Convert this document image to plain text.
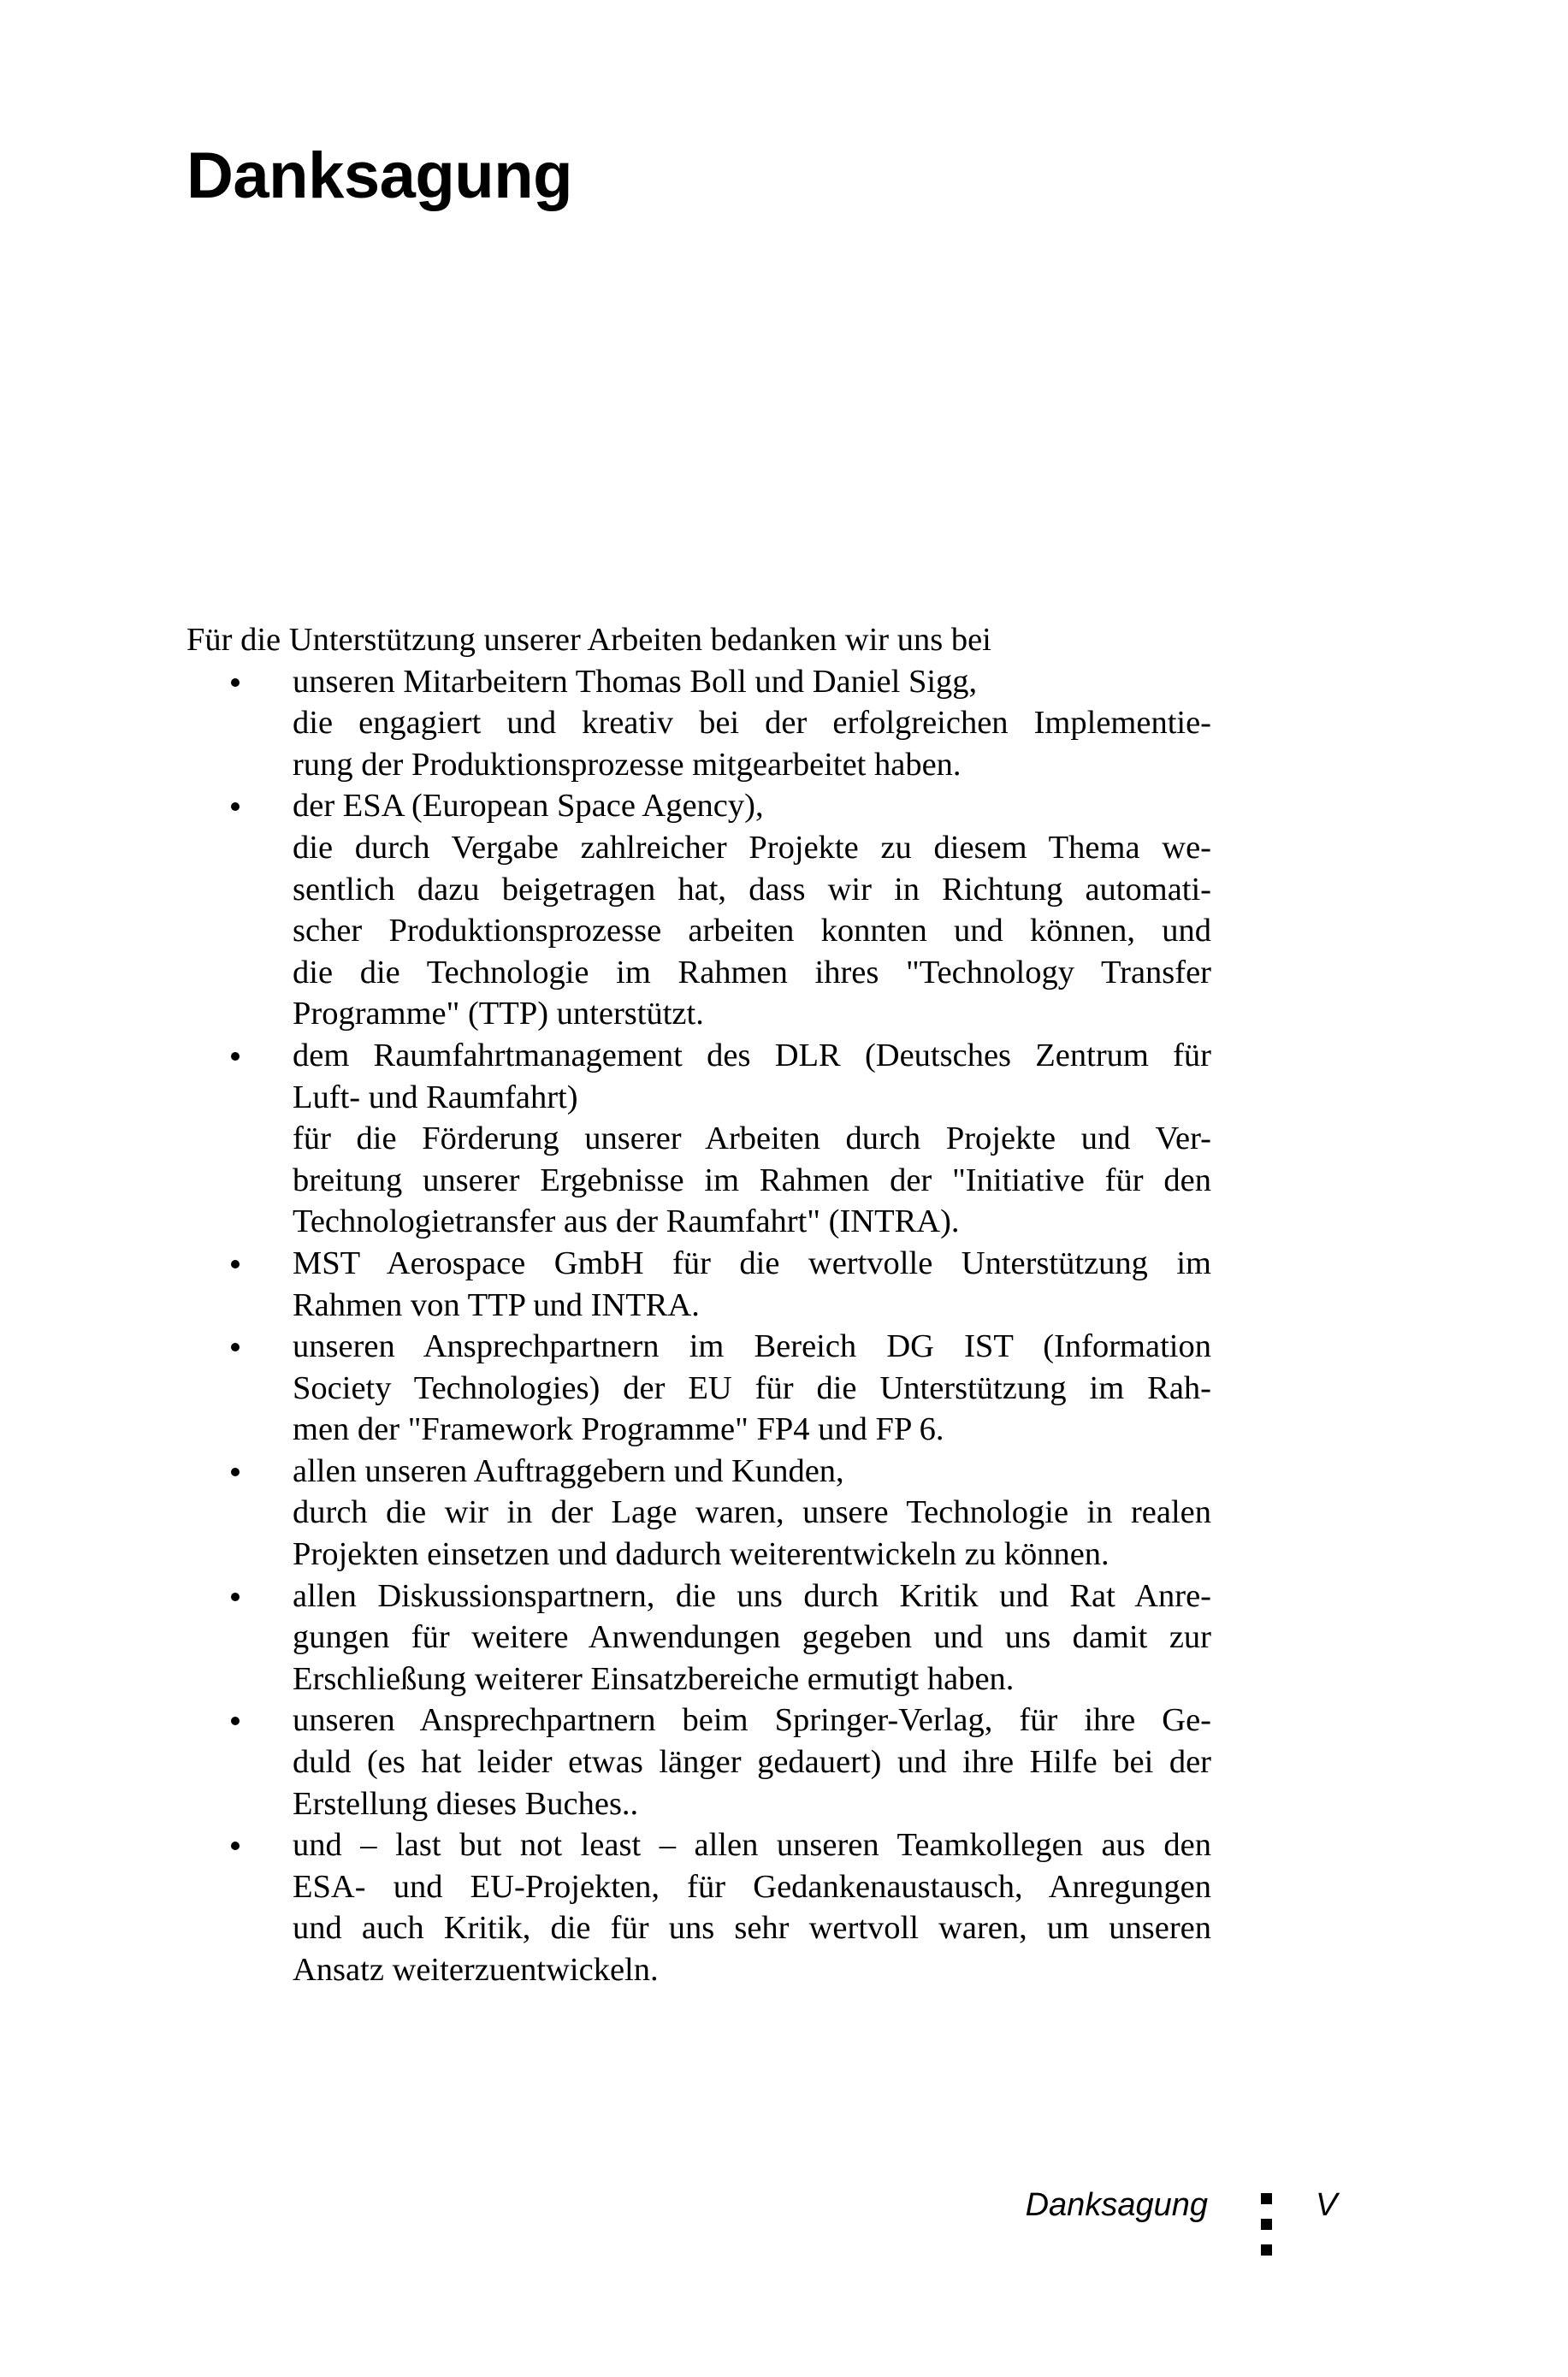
Danksagung

Für die Unterstützung unserer Arbeiten bedanken wir uns bei

unseren Mitarbeitern Thomas Boll und Daniel Sigg,
die engagiert und kreativ bei der erfolgreichen Implementie-
rung der Produktionsprozesse mitgearbeitet haben.
der ESA (European Space Agency),
die durch Vergabe zahlreicher Projekte zu diesem Thema we-
sentlich dazu beigetragen hat, dass wir in Richtung automati-
scher Produktionsprozesse arbeiten konnten und können, und
die die Technologie im Rahmen ihres "Technology Transfer
Programme" (TTP) unterstützt.
dem Raumfahrtmanagement des DLR (Deutsches Zentrum für
Luft- und Raumfahrt)
für die Förderung unserer Arbeiten durch Projekte und Ver-
breitung unserer Ergebnisse im Rahmen der "Initiative für den
Technologietransfer aus der Raumfahrt" (INTRA).
MST Aerospace GmbH für die wertvolle Unterstützung im
Rahmen von TTP und INTRA.
unseren Ansprechpartnern im Bereich DG IST (Information
Society Technologies) der EU für die Unterstützung im Rah-
men der "Framework Programme" FP4 und FP 6.
allen unseren Auftraggebern und Kunden,
durch die wir in der Lage waren, unsere Technologie in realen
Projekten einsetzen und dadurch weiterentwickeln zu können.
allen Diskussionspartnern, die uns durch Kritik und Rat Anre-
gungen für weitere Anwendungen gegeben und uns damit zur
Erschließung weiterer Einsatzbereiche ermutigt haben.
unseren Ansprechpartnern beim Springer-Verlag, für ihre Ge-
duld (es hat leider etwas länger gedauert) und ihre Hilfe bei der
Erstellung dieses Buches..
und – last but not least – allen unseren Teamkollegen aus den
ESA- und EU-Projekten, für Gedankenaustausch, Anregungen
und auch Kritik, die für uns sehr wertvoll waren, um unseren
Ansatz weiterzuentwickeln.
Danksagung	V
